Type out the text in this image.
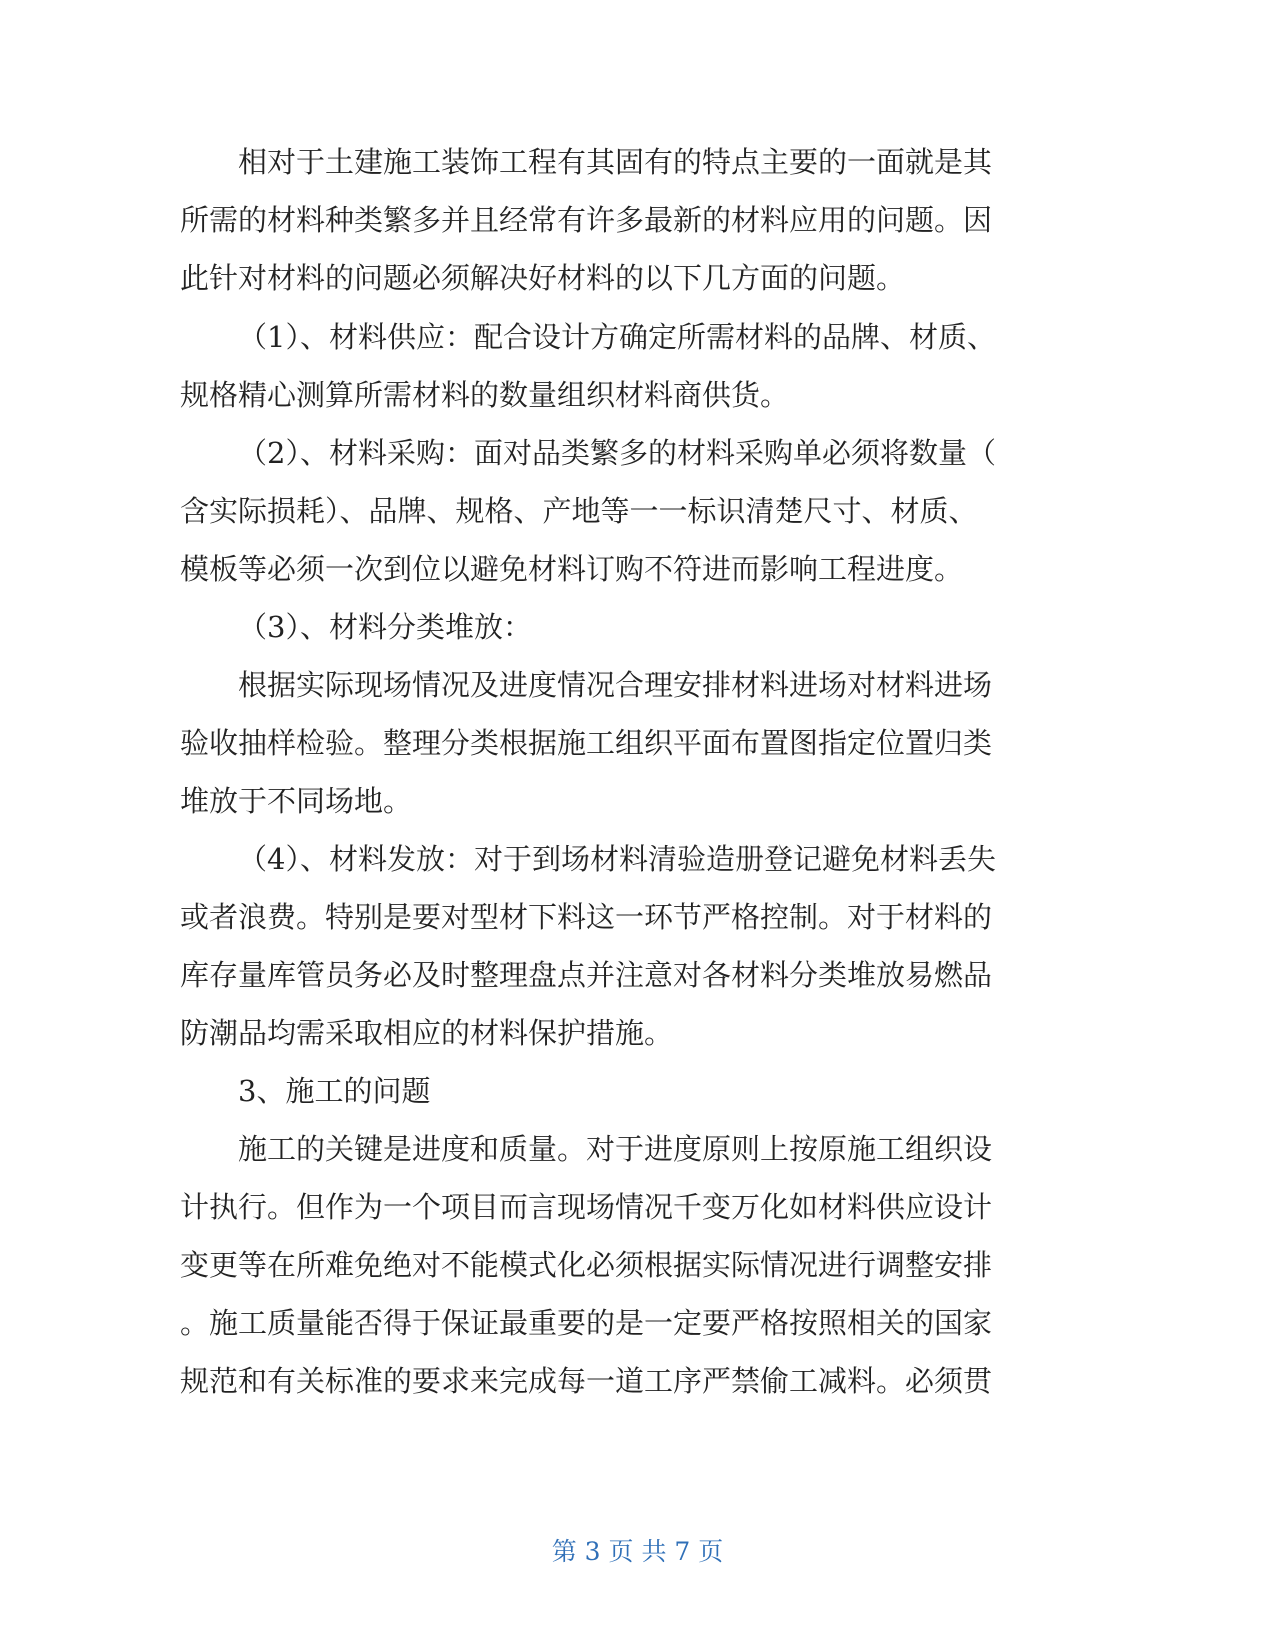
相对于土建施工装饰工程有其固有的特点主要的一面就是其
所需的材料种类繁多并且经常有许多最新的材料应用的问题。因
此针对材料的问题必须解决好材料的以下几方面的问题。
（1）、材料供应：配合设计方确定所需材料的品牌、材质、
规格精心测算所需材料的数量组织材料商供货。
（2）、材料采购：面对品类繁多的材料采购单必须将数量（
含实际损耗）、品牌、规格、产地等一一标识清楚尺寸、材质、
模板等必须一次到位以避免材料订购不符进而影响工程进度。
（3）、材料分类堆放：
根据实际现场情况及进度情况合理安排材料进场对材料进场
验收抽样检验。整理分类根据施工组织平面布置图指定位置归类
堆放于不同场地。
（4）、材料发放：对于到场材料清验造册登记避免材料丢失
或者浪费。特别是要对型材下料这一环节严格控制。对于材料的
库存量库管员务必及时整理盘点并注意对各材料分类堆放易燃品
防潮品均需采取相应的材料保护措施。
3、施工的问题
施工的关键是进度和质量。对于进度原则上按原施工组织设
计执行。但作为一个项目而言现场情况千变万化如材料供应设计
变更等在所难免绝对不能模式化必须根据实际情况进行调整安排
。施工质量能否得于保证最重要的是一定要严格按照相关的国家
规范和有关标准的要求来完成每一道工序严禁偷工减料。必须贯
第 3 页 共 7 页
